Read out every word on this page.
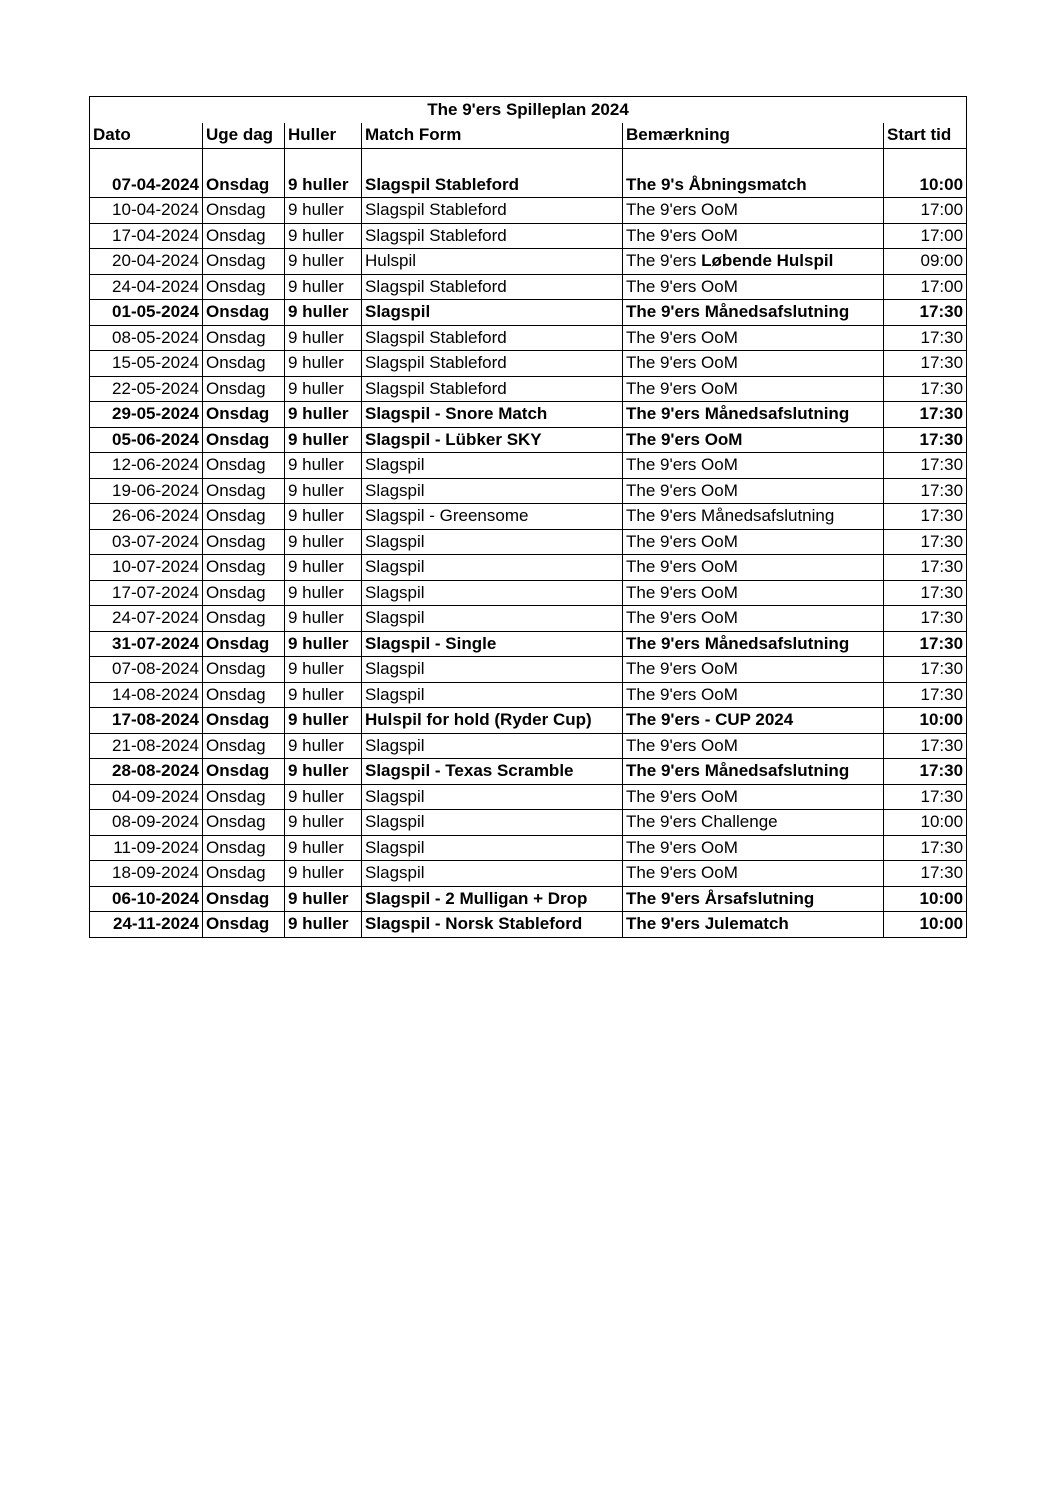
The 9'ers Spilleplan 2024					
Dato	Uge dag	Huller	Match Form	Bemærkning	Start tid

07-04-2024	Onsdag	9 huller	Slagspil Stableford	The 9's Åbningsmatch	10:00
10-04-2024	Onsdag	9 huller	Slagspil Stableford	The 9'ers OoM	17:00
17-04-2024	Onsdag	9 huller	Slagspil Stableford	The 9'ers OoM	17:00
20-04-2024	Onsdag	9 huller	Hulspil	The 9'ers Løbende Hulspil	09:00
24-04-2024	Onsdag	9 huller	Slagspil Stableford	The 9'ers OoM	17:00
01-05-2024	Onsdag	9 huller	Slagspil	The 9'ers Månedsafslutning	17:30
08-05-2024	Onsdag	9 huller	Slagspil Stableford	The 9'ers OoM	17:30
15-05-2024	Onsdag	9 huller	Slagspil Stableford	The 9'ers OoM	17:30
22-05-2024	Onsdag	9 huller	Slagspil Stableford	The 9'ers OoM	17:30
29-05-2024	Onsdag	9 huller	Slagspil - Snore Match	The 9'ers Månedsafslutning	17:30
05-06-2024	Onsdag	9 huller	Slagspil - Lübker SKY	The 9'ers OoM	17:30
12-06-2024	Onsdag	9 huller	Slagspil	The 9'ers OoM	17:30
19-06-2024	Onsdag	9 huller	Slagspil	The 9'ers OoM	17:30
26-06-2024	Onsdag	9 huller	Slagspil - Greensome	The 9'ers Månedsafslutning	17:30
03-07-2024	Onsdag	9 huller	Slagspil	The 9'ers OoM	17:30
10-07-2024	Onsdag	9 huller	Slagspil	The 9'ers OoM	17:30
17-07-2024	Onsdag	9 huller	Slagspil	The 9'ers OoM	17:30
24-07-2024	Onsdag	9 huller	Slagspil	The 9'ers OoM	17:30
31-07-2024	Onsdag	9 huller	Slagspil - Single	The 9'ers Månedsafslutning	17:30
07-08-2024	Onsdag	9 huller	Slagspil	The 9'ers OoM	17:30
14-08-2024	Onsdag	9 huller	Slagspil	The 9'ers OoM	17:30
17-08-2024	Onsdag	9 huller	Hulspil for hold (Ryder Cup)	The 9'ers - CUP 2024	10:00
21-08-2024	Onsdag	9 huller	Slagspil	The 9'ers OoM	17:30
28-08-2024	Onsdag	9 huller	Slagspil - Texas Scramble	The 9'ers Månedsafslutning	17:30
04-09-2024	Onsdag	9 huller	Slagspil	The 9'ers OoM	17:30
08-09-2024	Onsdag	9 huller	Slagspil	The 9'ers Challenge	10:00
11-09-2024	Onsdag	9 huller	Slagspil	The 9'ers OoM	17:30
18-09-2024	Onsdag	9 huller	Slagspil	The 9'ers OoM	17:30
06-10-2024	Onsdag	9 huller	Slagspil - 2 Mulligan + Drop	The 9'ers Årsafslutning	10:00
24-11-2024	Onsdag	9 huller	Slagspil - Norsk Stableford	The 9'ers Julematch	10:00
